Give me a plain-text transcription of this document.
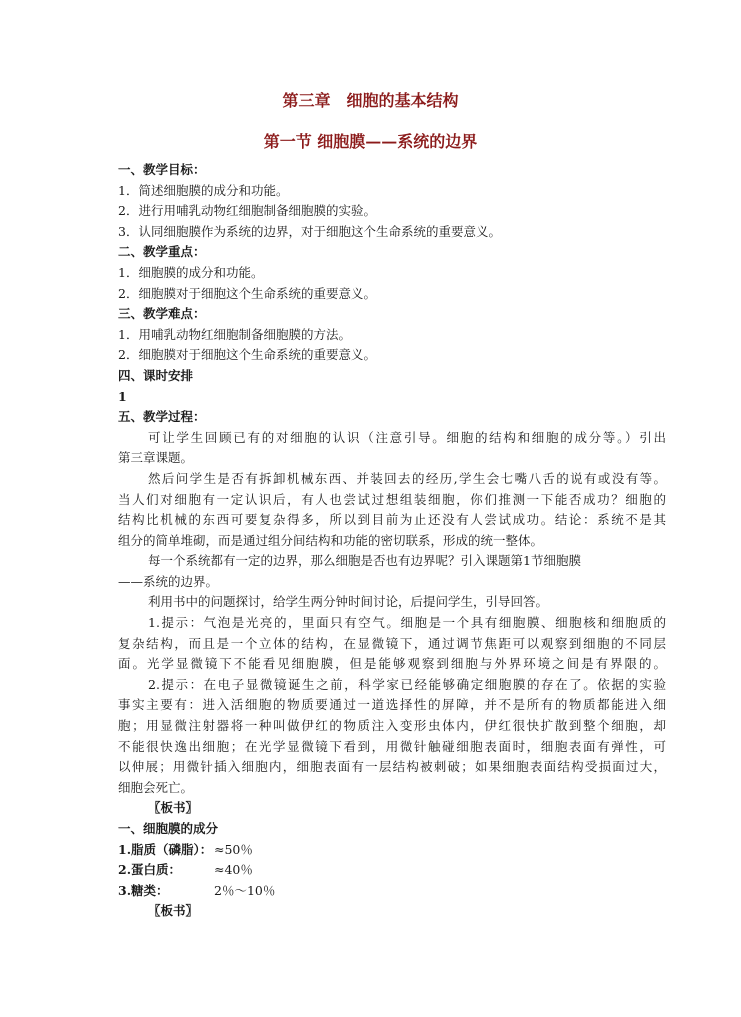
第三章　细胞的基本结构
第一节 细胞膜——系统的边界
一、教学目标：
1．简述细胞膜的成分和功能。
2．进行用哺乳动物红细胞制备细胞膜的实验。
3．认同细胞膜作为系统的边界，对于细胞这个生命系统的重要意义。
二、教学重点：
1．细胞膜的成分和功能。
2．细胞膜对于细胞这个生命系统的重要意义。
三、教学难点：
1．用哺乳动物红细胞制备细胞膜的方法。
2．细胞膜对于细胞这个生命系统的重要意义。
四、课时安排
1
五、教学过程：
可让学生回顾已有的对细胞的认识（注意引导。细胞的结构和细胞的成分等。）引出
第三章课题。
然后问学生是否有拆卸机械东西、并装回去的经历,学生会七嘴八舌的说有或没有等。
当人们对细胞有一定认识后，有人也尝试过想组装细胞，你们推测一下能否成功？细胞的
结构比机械的东西可要复杂得多，所以到目前为止还没有人尝试成功。结论：系统不是其
组分的简单堆砌，而是通过组分间结构和功能的密切联系，形成的统一整体。
每一个系统都有一定的边界，那么细胞是否也有边界呢？引入课题第1节细胞膜
——系统的边界。
利用书中的问题探讨，给学生两分钟时间讨论，后提问学生，引导回答。
1.提示：气泡是光亮的，里面只有空气。细胞是一个具有细胞膜、细胞核和细胞质的
复杂结构，而且是一个立体的结构，在显微镜下，通过调节焦距可以观察到细胞的不同层
面。光学显微镜下不能看见细胞膜，但是能够观察到细胞与外界环境之间是有界限的。
2.提示：在电子显微镜诞生之前，科学家已经能够确定细胞膜的存在了。依据的实验
事实主要有：进入活细胞的物质要通过一道选择性的屏障，并不是所有的物质都能进入细
胞；用显微注射器将一种叫做伊红的物质注入变形虫体内，伊红很快扩散到整个细胞，却
不能很快逸出细胞；在光学显微镜下看到，用微针触碰细胞表面时，细胞表面有弹性，可
以伸展；用微针插入细胞内，细胞表面有一层结构被刺破；如果细胞表面结构受损面过大，
细胞会死亡。
〖板书〗
一、细胞膜的成分
1.脂质（磷脂）： ≈50％
2.蛋白质：	≈40％
3.糖类：	2％～10％
〖板书〗
